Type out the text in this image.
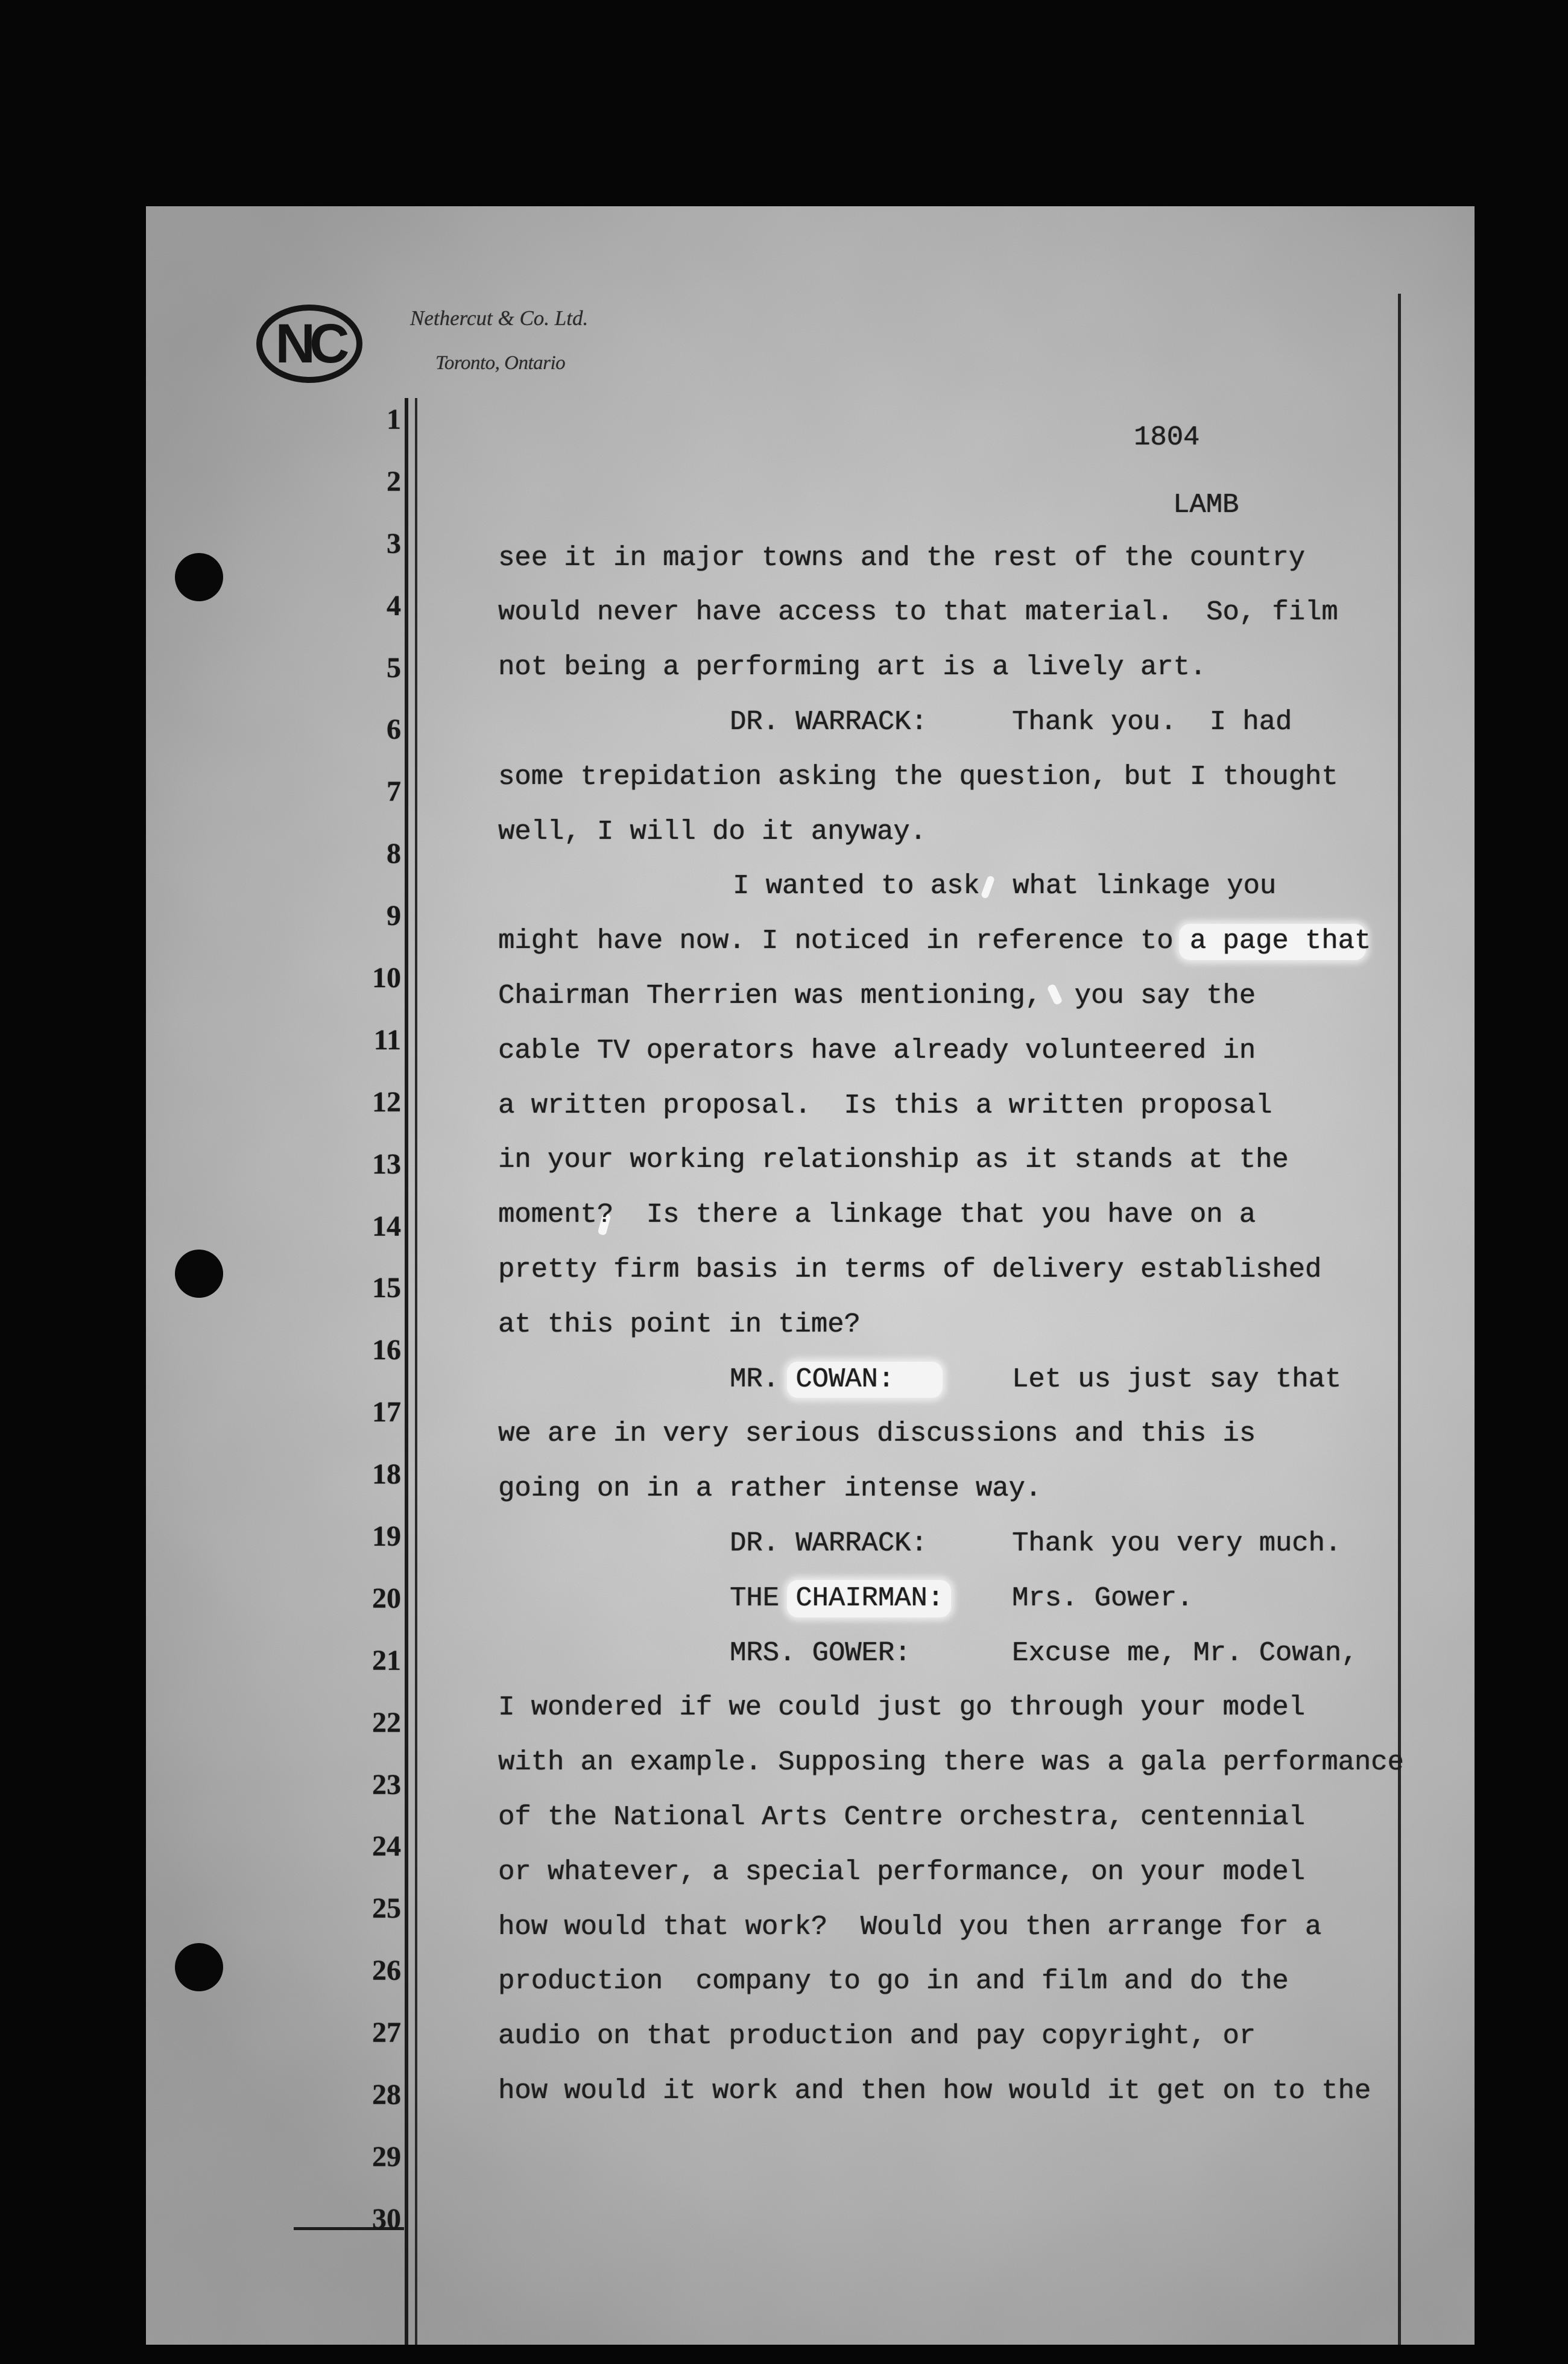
NC	Nethercut & Co. Ltd.
Toronto, Ontario
1
2
3
4
5
6
7
8
9
10
11
12
13
14
15
16
17
18
19
20
21
22
23
24
25
26
27
28
29
30
1804
LAMB
see it in major towns and the rest of the country
would never have access to that material.  So, film
not being a performing art is a lively art.

DR. WARRACK:

	Thank you.  I had

some trepidation asking the question, but I thought
well, I will do it anyway.
I wanted to ask  what linkage you
might have now. I noticed in reference to a page that
Chairman Therrien was mentioning,  you say the
cable TV operators have already volunteered in
a written proposal.  Is this a written proposal
in your working relationship as it stands at the
moment?  Is there a linkage that you have on a
pretty firm basis in terms of delivery established
at this point in time?

MR. COWAN:

	Let us just say that

we are in very serious discussions and this is
going on in a rather intense way.

DR. WARRACK:

	Thank you very much.

THE CHAIRMAN:

Mrs. Gower.

MRS. GOWER:

	Excuse me, Mr. Cowan,

I wondered if we could just go through your model
with an example. Supposing there was a gala performance
of the National Arts Centre orchestra, centennial
or whatever, a special performance, on your model
how would that work?  Would you then arrange for a
production  company to go in and film and do the
audio on that production and pay copyright, or
how would it work and then how would it get on to the
